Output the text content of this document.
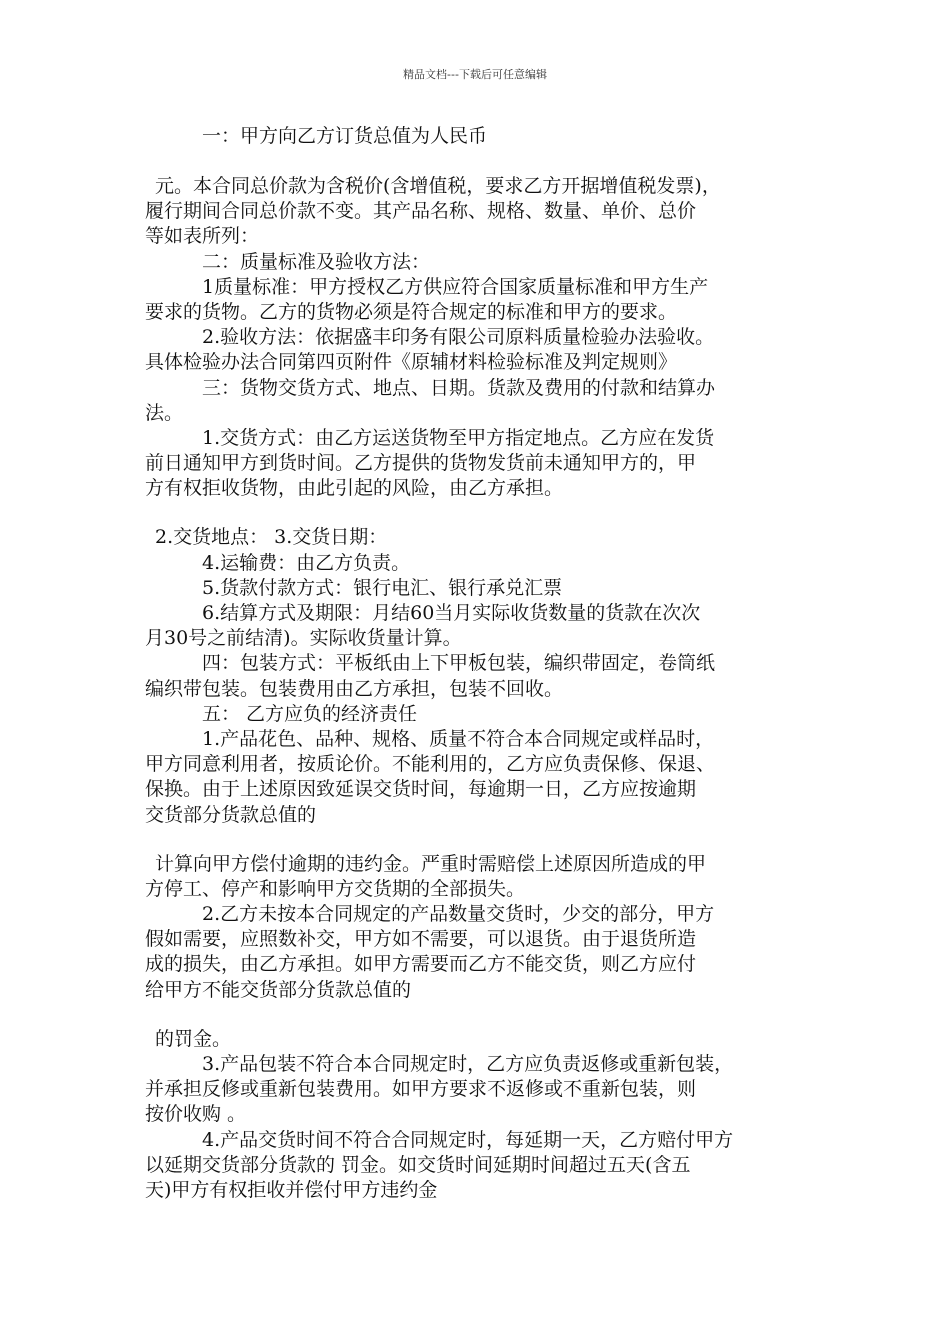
精品文档---下载后可任意编辑
一：甲方向乙方订货总值为人民币
元。本合同总价款为含税价(含增值税，要求乙方开据增值税发票)，
履行期间合同总价款不变。其产品名称、规格、数量、单价、总价
等如表所列：
二：质量标准及验收方法：
1质量标准：甲方授权乙方供应符合国家质量标准和甲方生产
要求的货物。乙方的货物必须是符合规定的标准和甲方的要求。
2.验收方法：依据盛丰印务有限公司原料质量检验办法验收。
具体检验办法合同第四页附件《原辅材料检验标准及判定规则》
三：货物交货方式、地点、日期。货款及费用的付款和结算办
法。
1.交货方式：由乙方运送货物至甲方指定地点。乙方应在发货
前日通知甲方到货时间。乙方提供的货物发货前未通知甲方的，甲
方有权拒收货物，由此引起的风险，由乙方承担。
2.交货地点： 3.交货日期：
4.运输费：由乙方负责。
5.货款付款方式：银行电汇、银行承兑汇票
6.结算方式及期限：月结60当月实际收货数量的货款在次次
月30号之前结清)。实际收货量计算。
四：包装方式：平板纸由上下甲板包装，编织带固定，卷筒纸
编织带包装。包装费用由乙方承担，包装不回收。
五： 乙方应负的经济责任
1.产品花色、品种、规格、质量不符合本合同规定或样品时，
甲方同意利用者，按质论价。不能利用的，乙方应负责保修、保退、
保换。由于上述原因致延误交货时间，每逾期一日，乙方应按逾期
交货部分货款总值的
计算向甲方偿付逾期的违约金。严重时需赔偿上述原因所造成的甲
方停工、停产和影响甲方交货期的全部损失。
2.乙方未按本合同规定的产品数量交货时，少交的部分，甲方
假如需要，应照数补交，甲方如不需要，可以退货。由于退货所造
成的损失，由乙方承担。如甲方需要而乙方不能交货，则乙方应付
给甲方不能交货部分货款总值的
的罚金。
3.产品包装不符合本合同规定时，乙方应负责返修或重新包装，
并承担反修或重新包装费用。如甲方要求不返修或不重新包装，则
按价收购 。
4.产品交货时间不符合合同规定时，每延期一天，乙方赔付甲方
以延期交货部分货款的 罚金。如交货时间延期时间超过五天(含五
天)甲方有权拒收并偿付甲方违约金
